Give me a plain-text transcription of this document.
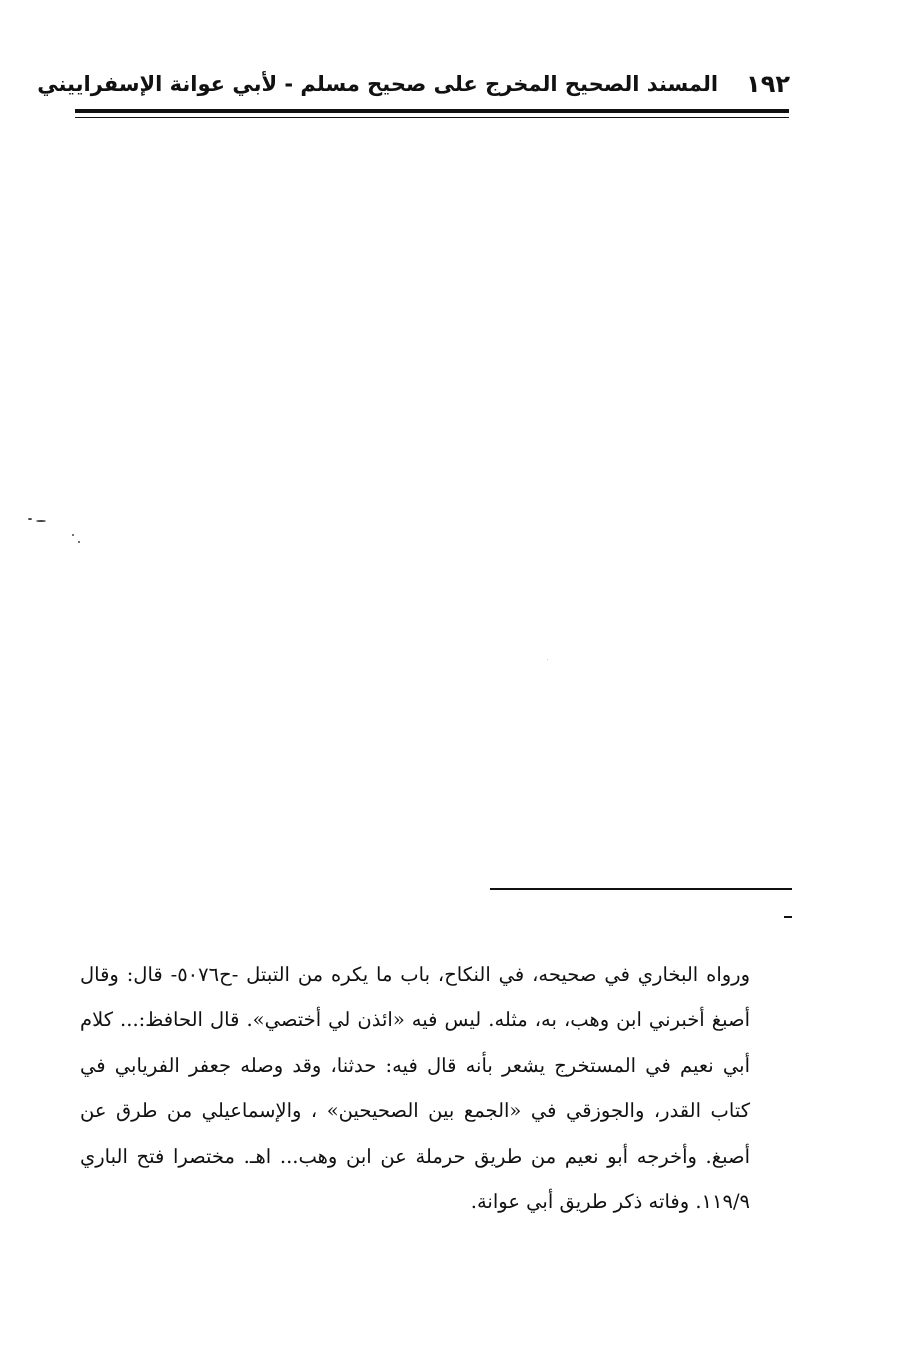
١٩٢
المسند الصحيح المخرج على صحيح مسلم - لأبي عوانة الإسفراييني

ورواه البخاري في صحيحه، في النكاح، باب ما يكره من التبتل -ح٥٠٧٦- قال: وقال أصبغ أخبرني ابن وهب، به، مثله. ليس فيه «ائذن لي أختصي». قال الحافظ:... كلام أبي نعيم في المستخرج يشعر بأنه قال فيه: حدثنا، وقد وصله جعفر الفريابي في كتاب القدر، والجوزقي في «الجمع بين الصحيحين» ، والإسماعيلي من طرق عن أصبغ. وأخرجه أبو نعيم من طريق حرملة عن ابن وهب... اهـ. مختصرا فتح الباري ١١٩/٩. وفاته ذكر طريق أبي عوانة.
